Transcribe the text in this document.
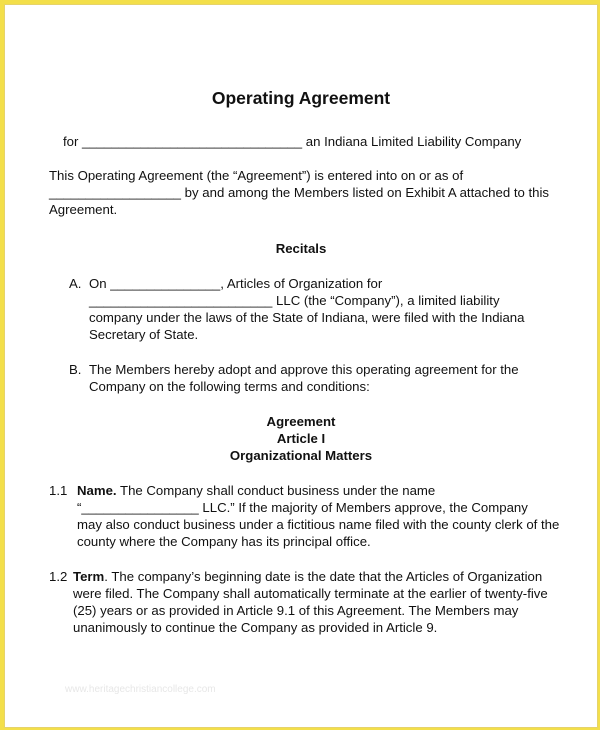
Operating Agreement
for ______________________________ an Indiana Limited Liability Company
This Operating Agreement (the “Agreement”) is entered into on or as of
__________________ by and among the Members listed on Exhibit A attached to this
Agreement.
Recitals
A. On _______________, Articles of Organization for
_________________________ LLC (the “Company”), a limited liability
company under the laws of the State of Indiana, were filed with the Indiana
Secretary of State.
B. The Members hereby adopt and approve this operating agreement for the
Company on the following terms and conditions:
Agreement
Article I
Organizational Matters
1.1 Name. The Company shall conduct business under the name
“________________ LLC.” If the majority of Members approve, the Company
may also conduct business under a fictitious name filed with the county clerk of the
county where the Company has its principal office.
1.2 Term. The company’s beginning date is the date that the Articles of Organization
were filed. The Company shall automatically terminate at the earlier of twenty-five
(25) years or as provided in Article 9.1 of this Agreement. The Members may
unanimously to continue the Company as provided in Article 9.
www.heritagechristiancollege.com
